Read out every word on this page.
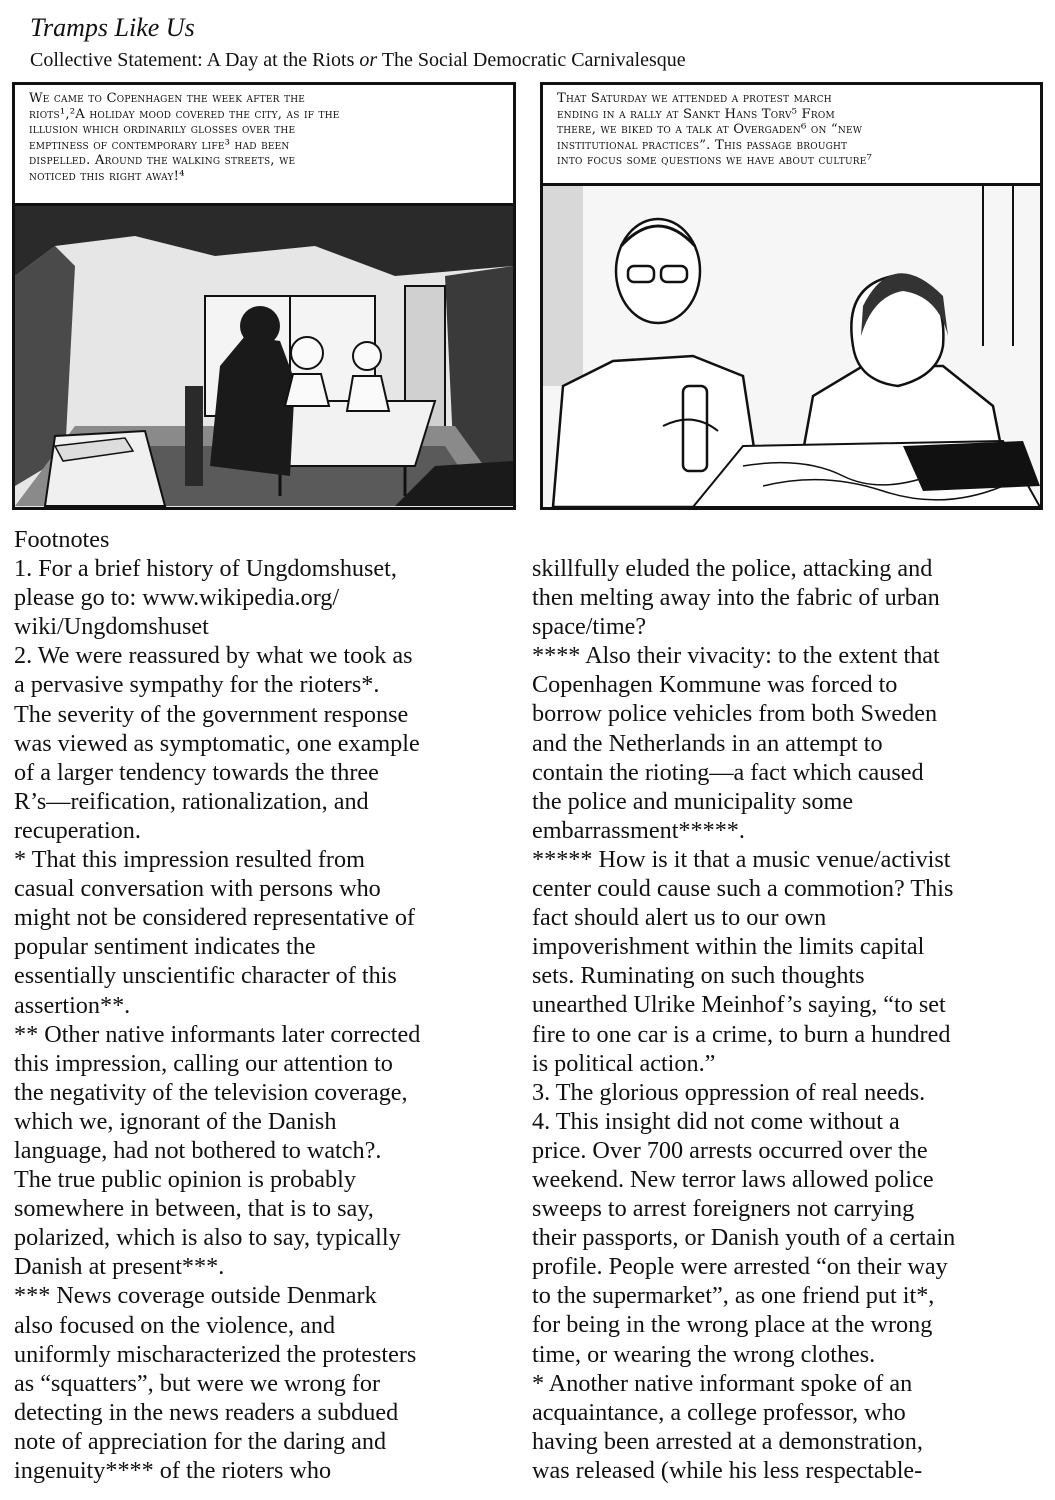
Tramps Like Us
Collective Statement: A Day at the Riots or The Social Democratic Carnivalesque
We came to Copenhagen the week after the
riots¹,²A holiday mood covered the city, as if the
illusion which ordinarily glosses over the
emptiness of contemporary life³ had been
dispelled. Around the walking streets, we
noticed this right away!⁴
That Saturday we attended a protest march
ending in a rally at Sankt Hans Torv⁵ From
there, we biked to a talk at Overgaden⁶ on “new
institutional practices”. This passage brought
into focus some questions we have about culture⁷
Footnotes
1. For a brief history of Ungdomshuset,
please go to: www.wikipedia.org/
wiki/Ungdomshuset
2. We were reassured by what we took as
a pervasive sympathy for the rioters*.
The severity of the government response
was viewed as symptomatic, one example
of a larger tendency towards the three
R’s—reification, rationalization, and
recuperation.
* That this impression resulted from
casual conversation with persons who
might not be considered representative of
popular sentiment indicates the
essentially unscientific character of this
assertion**.
** Other native informants later corrected
this impression, calling our attention to
the negativity of the television coverage,
which we, ignorant of the Danish
language, had not bothered to watch?.
The true public opinion is probably
somewhere in between, that is to say,
polarized, which is also to say, typically
Danish at present***.
*** News coverage outside Denmark
also focused on the violence, and
uniformly mischaracterized the protesters
as “squatters”, but were we wrong for
detecting in the news readers a subdued
note of appreciation for the daring and
ingenuity**** of the rioters who
skillfully eluded the police, attacking and
then melting away into the fabric of urban
space/time?
**** Also their vivacity: to the extent that
Copenhagen Kommune was forced to
borrow police vehicles from both Sweden
and the Netherlands in an attempt to
contain the rioting—a fact which caused
the police and municipality some
embarrassment*****.
***** How is it that a music venue/activist
center could cause such a commotion? This
fact should alert us to our own
impoverishment within the limits capital
sets. Ruminating on such thoughts
unearthed Ulrike Meinhof’s saying, “to set
fire to one car is a crime, to burn a hundred
is political action.”
3. The glorious oppression of real needs.
4. This insight did not come without a
price. Over 700 arrests occurred over the
weekend. New terror laws allowed police
sweeps to arrest foreigners not carrying
their passports, or Danish youth of a certain
profile. People were arrested “on their way
to the supermarket”, as one friend put it*,
for being in the wrong place at the wrong
time, or wearing the wrong clothes.
* Another native informant spoke of an
acquaintance, a college professor, who
having been arrested at a demonstration,
was released (while his less respectable-
